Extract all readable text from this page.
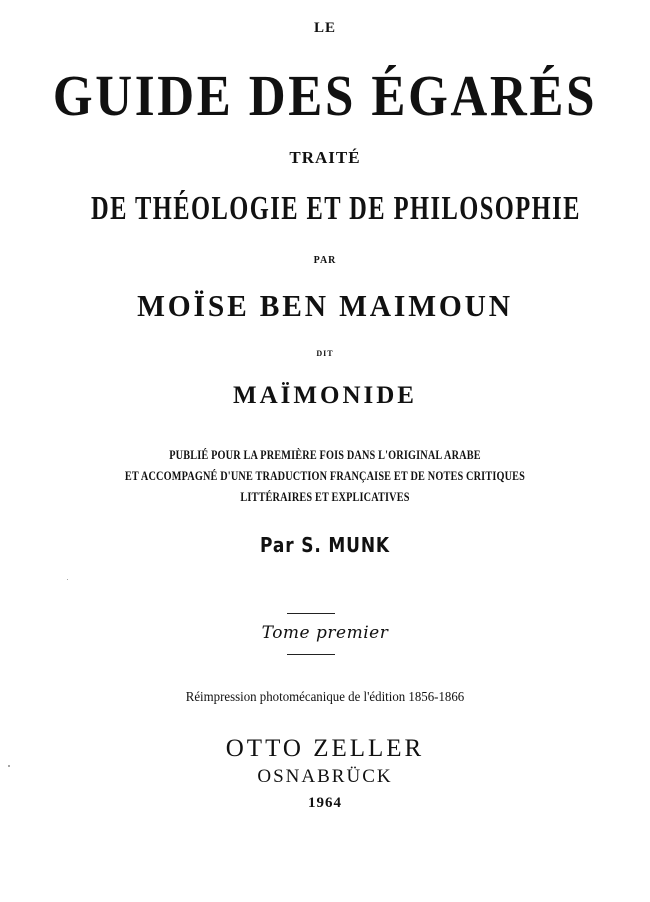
LE
GUIDE DES ÉGARÉS
TRAITÉ
DE THÉOLOGIE ET DE PHILOSOPHIE
PAR
MOÏSE BEN MAIMOUN
DIT
MAÏMONIDE
PUBLIÉ POUR LA PREMIÈRE FOIS DANS L'ORIGINAL ARABE
ET ACCOMPAGNÉ D'UNE TRADUCTION FRANÇAISE ET DE NOTES CRITIQUES
LITTÉRAIRES ET EXPLICATIVES
Par S. MUNK
Tome premier
Réimpression photomécanique de l'édition 1856-1866
OTTO ZELLER
OSNABRÜCK
1964
